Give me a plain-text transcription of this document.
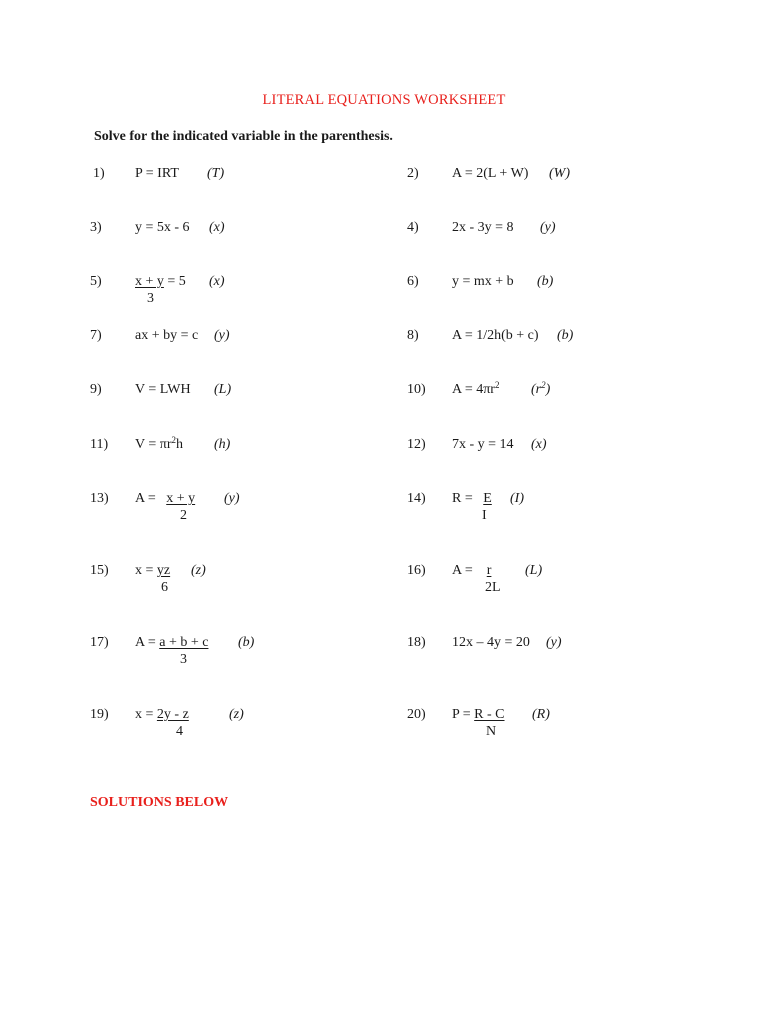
LITERAL EQUATIONS WORKSHEET
Solve for the indicated variable in the parenthesis.
1) P = IRT (T)	2) A = 2(L + W) (W)
3) y = 5x - 6 (x)	4) 2x - 3y = 8 (y)
5) x + y = 5
3
(x)	6) y = mx + b (b)
7) ax + by = c (y)	8) A = 1/2h(b + c) (b)
9) V = LWH (L)	10) $A = 4\pi r^2$ $(r^2)$
11) $V = \pi r^2h$ (h)	12) 7x - y = 14 (x)
13) A =   x + y
2
(y)	14) R =   E
I
(I)
15) x = yz
6
(z)	16) A =    r
2L
(L)
17) A = a + b + c
3
(b)	18) 12x – 4y = 20 (y)
19) x = 2y - z
4
(z)	20) P = R - C
N
(R)
SOLUTIONS BELOW
